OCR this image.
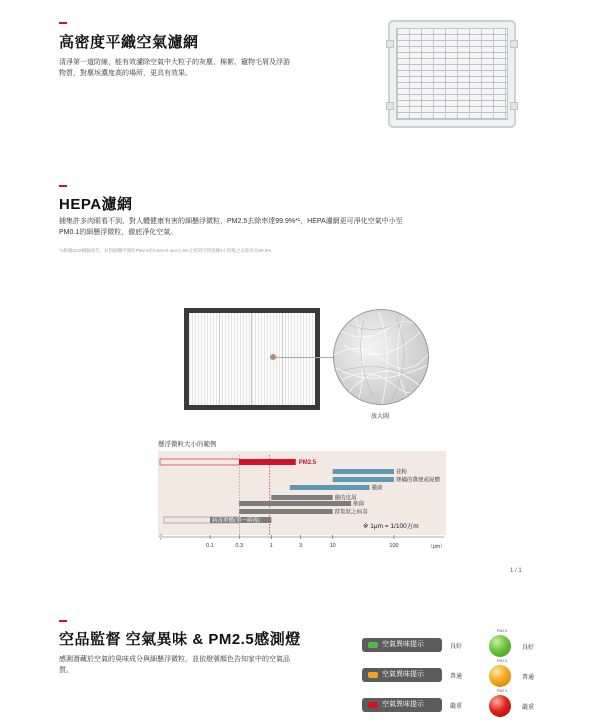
高密度平織空氣濾網
清淨第一道防線，能有效濾除空氣中大粒子的灰塵、棉絮、寵物毛屑及浮游
物質，對塵埃濃度高的場所，更具有效果。
HEPA濾網
捕集許多肉眼看不到、對人體健康有害的細懸浮微粒，PM2.5去除率達99.9%*¹，HEPA濾網更可淨化空氣中小至
PM0.1的細懸浮微粒，徹底淨化空氣。
*1根據SGS檢驗報告，針對細懸浮微粒PM2.5於2.5m×2.4m×1.9m之密閉空間運轉1小時後之去除率為99.9%。
放大圖
懸浮微粒大小的範例
PM2.5
花粉
塵蟎的糞便或屍體
黴菌
黴的皮屑
細菌
群集狀之病毒
病毒單體(單一病毒)
※ 1μm = 1/100万m
小
0.1	0.3	1	3	10	100	（μm）
1 / 1
空品監督 空氣異味 & PM2.5感測燈
感測潛藏於空氣的臭味成分與細懸浮微粒，並依燈號顏色告知家中的空氣品
質。
空氣異味提示	良好
空氣異味提示	普通
空氣異味提示	嚴重
PM2.5
良好
PM2.5
普通
PM2.5
嚴重
